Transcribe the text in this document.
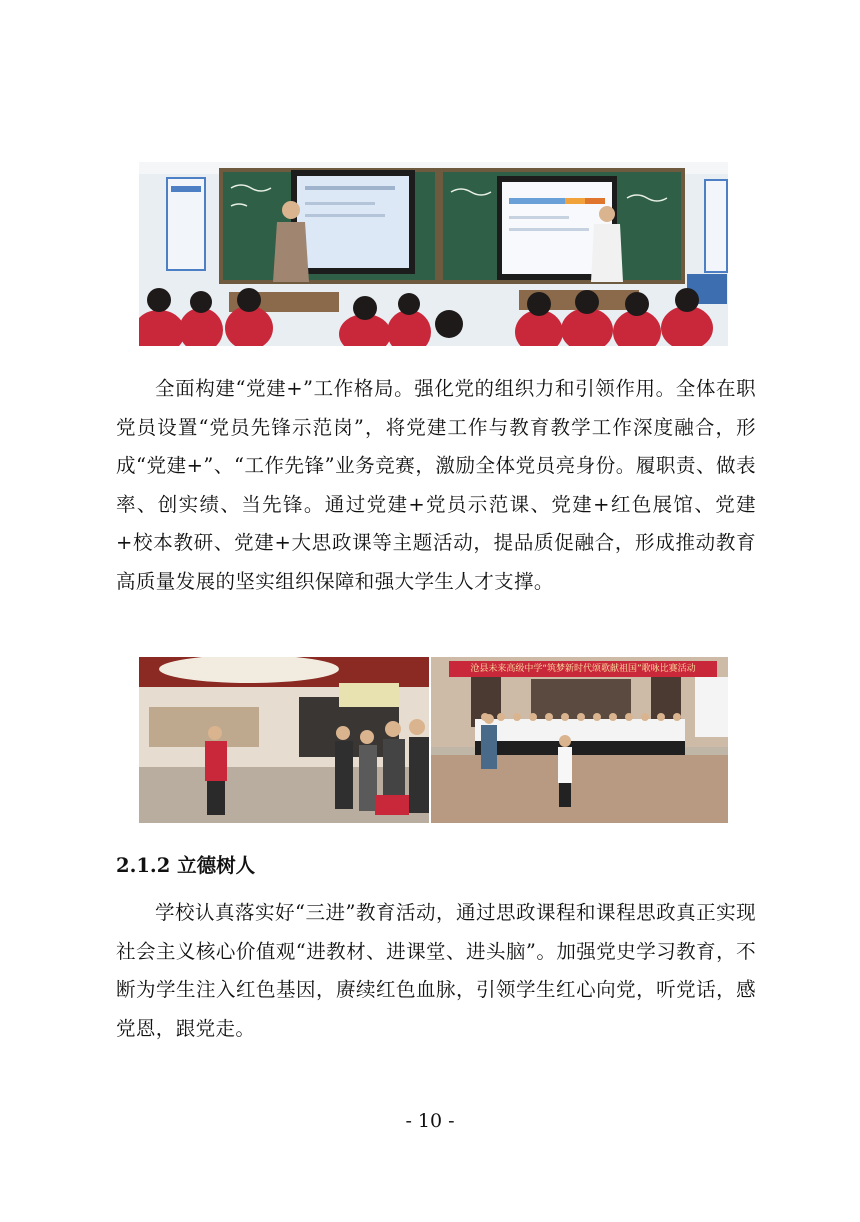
全面构建“党建+”工作格局。强化党的组织力和引领作用。全体在职党员设置“党员先锋示范岗”，将党建工作与教育教学工作深度融合，形成“党建+”、“工作先锋”业务竞赛，激励全体党员亮身份。履职责、做表率、创实绩、当先锋。通过党建+党员示范课、党建+红色展馆、党建+校本教研、党建+大思政课等主题活动，提品质促融合，形成推动教育高质量发展的坚实组织保障和强大学生人才支撑。

沧县未来高级中学“筑梦新时代颂歌献祖国”歌咏比赛活动
2.1.2 立德树人

学校认真落实好“三进”教育活动，通过思政课程和课程思政真正实现社会主义核心价值观“进教材、进课堂、进头脑”。加强党史学习教育，不断为学生注入红色基因，赓续红色血脉，引领学生红心向党，听党话，感党恩，跟党走。

- 10 -
